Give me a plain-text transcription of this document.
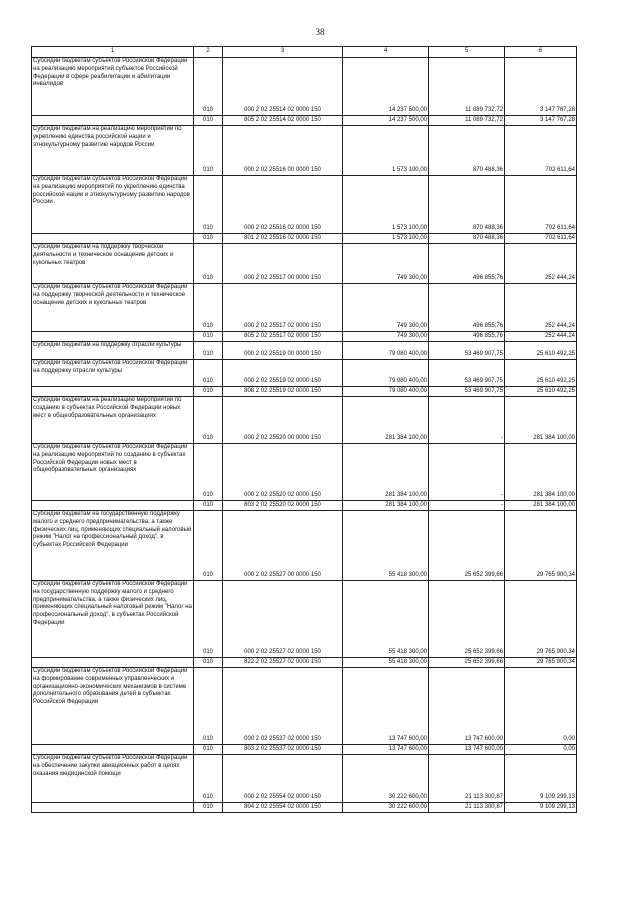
38
1	2	3	4	5	6
Субсидии бюджетам субъектов Российской Федерации на реализацию мероприятий субъектов Российской Федерации в сфере реабилитации и абилитации инвалидов	010	000 2 02 25514 02 0000 150	14 237 500,00	11 089 732,72	3 147 767,28
	010	805 2 02 25514 02 0000 150	14 237 500,00	11 089 732,72	3 147 767,28
Субсидии бюджетам на реализацию мероприятий по укреплению единства российской нации и этнокультурному развитию народов России	010	000 2 02 25516 00 0000 150	1 573 100,00	870 488,36	702 611,64
Субсидии бюджетам субъектов Российской Федерации на реализацию мероприятий по укреплению единства российской нации и этнокультурному развитию народов России	010	000 2 02 25516 02 0000 150	1 573 100,00	870 488,36	702 611,64
	010	801 2 02 25516 02 0000 150	1 573 100,00	870 488,36	702 611,64
Субсидии бюджетам на поддержку творческой деятельности и техническое оснащение детских и кукольных театров	010	000 2 02 25517 00 0000 150	749 300,00	496 855,76	252 444,24
Субсидии бюджетам субъектов Российской Федерации на поддержку творческой деятельности и техническое оснащение детских и кукольных театров	010	000 2 02 25517 02 0000 150	749 300,00	496 855,76	252 444,24
	010	805 2 02 25517 02 0000 150	749 300,00	496 855,76	252 444,24
Субсидии бюджетам на поддержку отрасли культуры	010	000 2 02 25519 00 0000 150	79 080 400,00	53 469 907,75	25 610 492,25
Субсидии бюджетам субъектов Российской Федерации на поддержку отрасли культуры	010	000 2 02 25519 02 0000 150	79 080 400,00	53 469 907,75	25 610 492,25
	010	808 2 02 25519 02 0000 150	79 080 400,00	53 469 907,75	25 610 492,25
Субсидии бюджетам на реализацию мероприятий по созданию в субъектах Российской Федерации новых мест в общеобразовательных организациях	010	000 2 02 25520 00 0000 150	281 384 100,00	-	281 384 100,00
Субсидии бюджетам субъектов Российской Федерации на реализацию мероприятий по созданию в субъектах Российской Федерации новых мест в общеобразовательных организациях	010	000 2 02 25520 02 0000 150	281 384 100,00	-	281 384 100,00
	010	803 2 02 25520 02 0000 150	281 384 100,00	-	281 384 100,00
Субсидии бюджетам на государственную поддержку малого и среднего предпринимательства, а также физических лиц, применяющих специальный налоговый режим "Налог на профессиональный доход", в субъектах Российской Федерации	010	000 2 02 25527 00 0000 150	55 418 300,00	25 652 399,66	29 765 900,34
Субсидии бюджетам субъектов Российской Федерации на государственную поддержку малого и среднего предпринимательства, а также физических лиц, применяющих специальный налоговый режим "Налог на профессиональный доход", в субъектах Российской Федерации	010	000 2 02 25527 02 0000 150	55 418 300,00	25 652 399,66	29 765 900,34
	010	822 2 02 25527 02 0000 150	55 418 300,00	25 652 399,66	29 765 900,34
Субсидии бюджетам субъектов Российской Федерации на формирование современных управленческих и организационно-экономических механизмов в системе дополнительного образования детей в субъектах Российской Федерации	010	000 2 02 25537 02 0000 150	13 747 600,00	13 747 600,00	0,00
	010	803 2 02 25537 02 0000 150	13 747 600,00	13 747 600,00	0,00
Субсидии бюджетам субъектов Российской Федерации на обеспечение закупки авиационных работ в целях оказания медицинской помощи	010	000 2 02 25554 02 0000 150	30 222 600,00	21 113 300,87	9 109 299,13
	010	804 2 02 25554 02 0000 150	30 222 600,00	21 113 300,87	9 109 299,13
